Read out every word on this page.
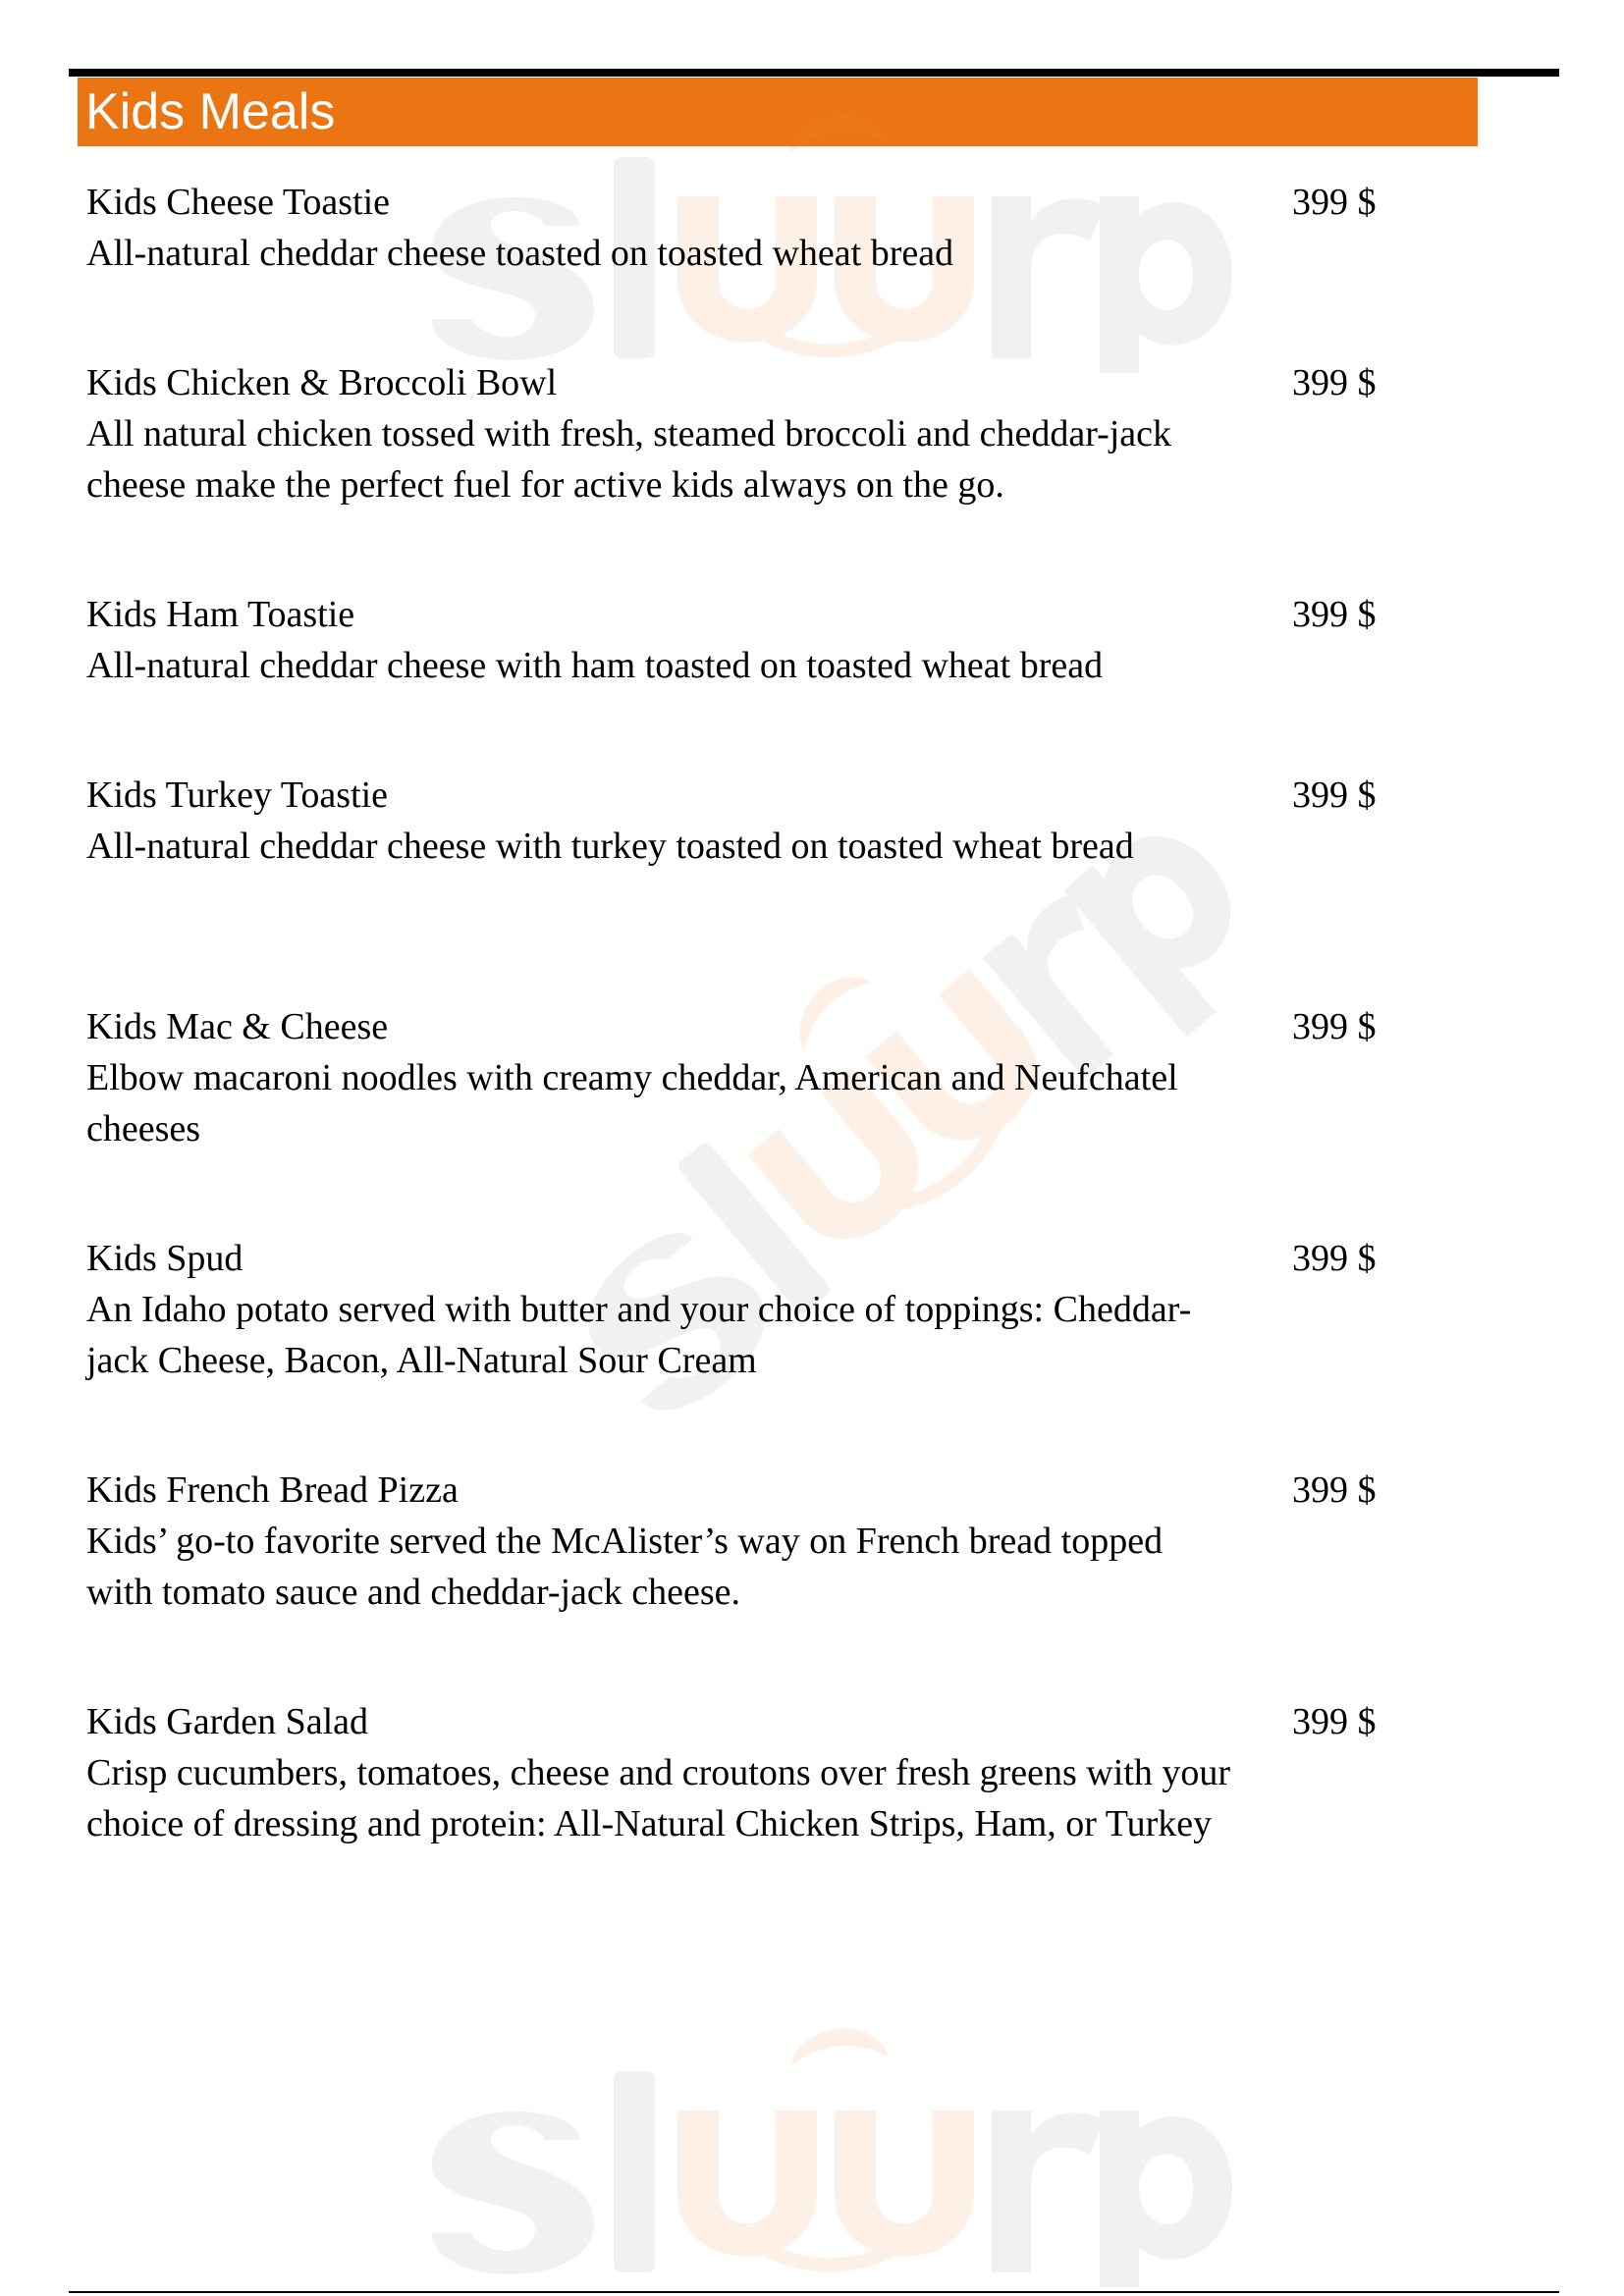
Kids Meals
Kids Cheese Toastie
All-natural cheddar cheese toasted on toasted wheat bread
399 $
Kids Chicken & Broccoli Bowl
All natural chicken tossed with fresh, steamed broccoli and cheddar-jack cheese make the perfect fuel for active kids always on the go.
399 $
Kids Ham Toastie
All-natural cheddar cheese with ham toasted on toasted wheat bread
399 $
Kids Turkey Toastie
All-natural cheddar cheese with turkey toasted on toasted wheat bread
399 $
Kids Mac & Cheese
Elbow macaroni noodles with creamy cheddar, American and Neufchatel cheeses
399 $
Kids Spud
An Idaho potato served with butter and your choice of toppings: Cheddar-jack Cheese, Bacon, All-Natural Sour Cream
399 $
Kids French Bread Pizza
Kids’ go-to favorite served the McAlister’s way on French bread topped with tomato sauce and cheddar-jack cheese.
399 $
Kids Garden Salad
Crisp cucumbers, tomatoes, cheese and croutons over fresh greens with your choice of dressing and protein: All-Natural Chicken Strips, Ham, or Turkey
399 $
